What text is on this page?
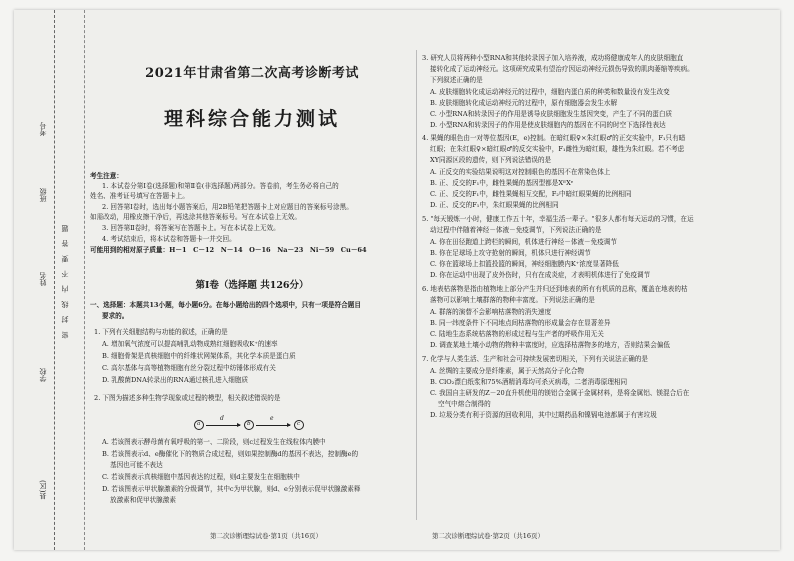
考号
班级
姓名
学校
县(区)
密 封 线 内 不 要 答 题
2021年甘肃省第二次高考诊断考试
理科综合能力测试
考生注意：
1. 本试卷分第Ⅰ卷(选择题)和第Ⅱ卷(非选择题)两部分。答卷前，考生务必将自己的
姓名、准考证号填写在答题卡上。
2. 回答第Ⅰ卷时，选出每小题答案后，用2B铅笔把答题卡上对应题目的答案标号涂黑。
如需改动，用橡皮擦干净后，再选涂其他答案标号。写在本试卷上无效。
3. 回答第Ⅱ卷时，将答案写在答题卡上。写在本试卷上无效。
4. 考试结束后，将本试卷和答题卡一并交回。
可能用到的相对原子质量：H－1　C－12　N－14　O－16　Na－23　Ni－59　Cu－64
第Ⅰ卷（选择题 共126分）
一、选择题：本题共13小题，每小题6分。在每小题给出的四个选项中，只有一项是符合题目
要求的。
1. 下列有关细胞结构与功能的叙述，正确的是
A. 增加氧气浓度可以提高哺乳动物成熟红细胞吸收K⁺的速率
B. 细胞骨架是真核细胞中的纤维状网架体系，其化学本质是蛋白质
C. 高尔基体与高等植物细胞有丝分裂过程中纺锤体形成有关
D. 乳酸菌DNA转录出的RNA通过核孔进入细胞质
2. 下图为描述多种生物学现象或过程的模型，相关叙述错误的是
a
d
b
e
c
A. 若该图表示酵母菌有氧呼吸的第一、二阶段，则c过程发生在线粒体内膜中
B. 若该图表示d、e酶催化下的物质合成过程，则如果控制酶d的基因不表达，控制酶e的
基因也可能不表达
C. 若该图表示真核细胞中基因表达的过程，则d主要发生在细胞核中
D. 若该图表示甲状腺激素的分级调节，其中c为甲状腺，则d、e分别表示促甲状腺激素释
放激素和促甲状腺激素
第二次诊断理综试卷·第1页（共16页）
3. 研究人员将两种小型RNA和其他转录因子加入培养液，成功将健康成年人的皮肤细胞直
接转化成了运动神经元。这项研究成果有望治疗因运动神经元损伤导致的肌肉萎缩等疾病。
下列叙述正确的是
A. 皮肤细胞转化成运动神经元的过程中，细胞内蛋白质的种类和数量没有发生改变
B. 皮肤细胞转化成运动神经元的过程中，原有细胞器会发生水解
C. 小型RNA和转录因子的作用是诱导皮肤细胞发生基因突变，产生了不同的蛋白质
D. 小型RNA和转录因子的作用是使皮肤细胞内的基因在不同的时空下选择性表达
4. 果蝇的眼色由一对等位基因(E，e)控制。在暗红眼♀×朱红眼♂的正交实验中，F₁只有暗
红眼；在朱红眼♀×暗红眼♂的反交实验中，F₁雌性为暗红眼，雄性为朱红眼。若不考虑
XY同源区段的遗传，则下列说法错误的是
A. 正反交的实验结果说明这对控制眼色的基因不在常染色体上
B. 正、反交的F₁中，雌性果蝇的基因型都是XᴱXᵉ
C. 正、反交的F₁中，雌性果蝇相互交配，F₂中暗红眼果蝇的比例相同
D. 正、反交的F₁中，朱红眼果蝇的比例相同
5. "每天锻炼一小时，健康工作五十年，幸福生活一辈子。"很多人都有每天运动的习惯，在运
动过程中伴随着神经－体液－免疫调节，下列说法正确的是
A. 你在田径跑道上跨栏的瞬间，机体进行神经－体液－免疫调节
B. 你在足球场上攻守抢射的瞬间，机体只进行神经调节
C. 你在篮球场上扣篮投篮的瞬间，神经细胞膜内K⁺浓度显著降低
D. 你在运动中出现了皮外伤时，只有在成炎症，才表明机体进行了免疫调节
6. 地表枯落物是指由植物地上部分产生并归还到地表的所有有机质的总称，覆盖在地表的枯
落物可以影响土壤群落的物种丰富度。下列说法正确的是
A. 群落的演替不会影响枯落物的消失速度
B. 同一纬度条件下不同地点间枯落物的形成量会存在显著差异
C. 陆地生态系统枯落物的形成过程与生产者的呼吸作用无关
D. 调查某地土壤小动物的物种丰富度时，应选择枯落物多的地方，否则结果会偏低
7. 化学与人类生活、生产和社会可持续发展密切相关，下列有关说法正确的是
A. 丝绸的主要成分是纤维素，属于天然高分子化合物
B. ClO₂漂白纸浆和75%酒精消毒均可杀灭病毒，二者消毒原理相同
C. 我国自主研发的Z－20直升机使用的镁铝合金属于金属材料，是将金属铝、镁混合后在
空气中熔合制得的
D. 垃圾分类有利于资源的回收利用，其中过期药品和镍镉电池都属于有害垃圾
第二次诊断理综试卷·第2页（共16页）
